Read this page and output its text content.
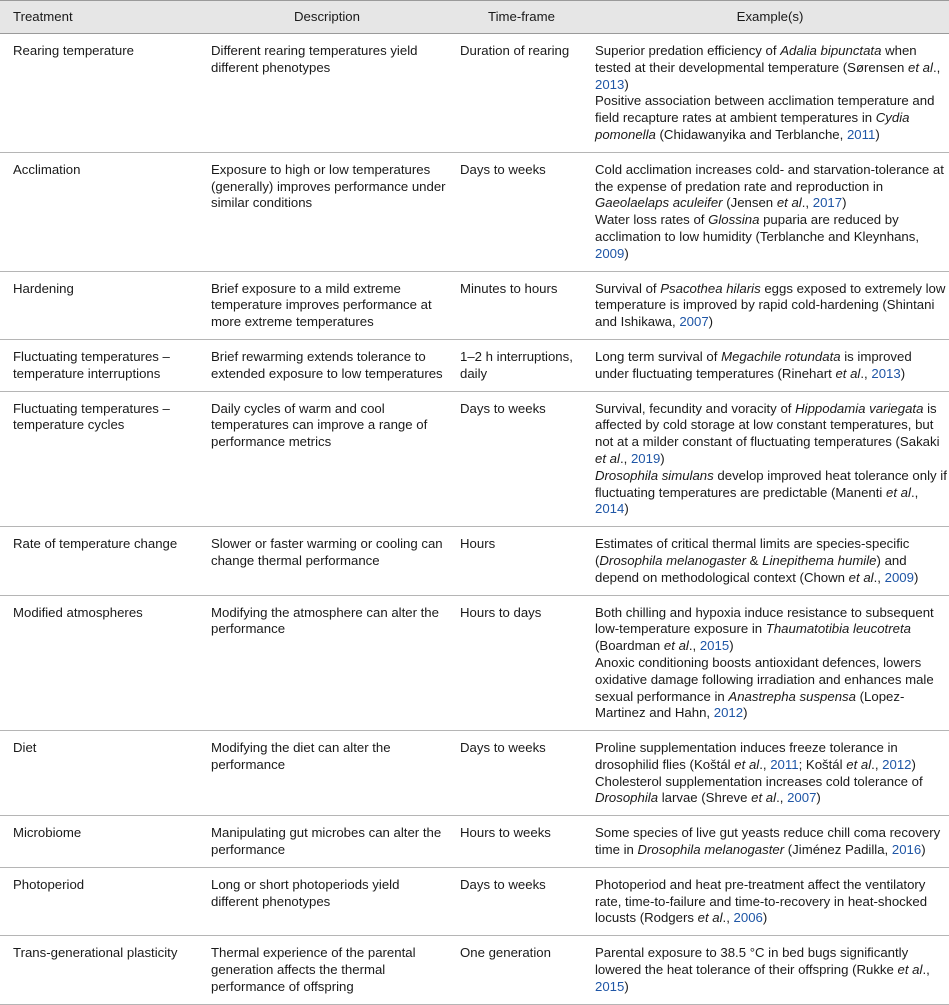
Treatment	Description	Time-frame	Example(s)
Rearing temperature	Different rearing temperatures yield different phenotypes	Duration of rearing	Superior predation efficiency of Adalia bipunctata when tested at their developmental temperature (Sørensen et al., 2013)
Positive association between acclimation temperature and field recapture rates at ambient temperatures in Cydia pomonella (Chidawanyika and Terblanche, 2011)

Acclimation	Exposure to high or low temperatures (generally) improves performance under similar conditions	Days to weeks	Cold acclimation increases cold- and starvation-tolerance at the expense of predation rate and reproduction in Gaeolaelaps aculeifer (Jensen et al., 2017)
Water loss rates of Glossina puparia are reduced by acclimation to low humidity (Terblanche and Kleynhans, 2009)

Hardening	Brief exposure to a mild extreme temperature improves performance at more extreme temperatures	Minutes to hours	Survival of Psacothea hilaris eggs exposed to extremely low temperature is improved by rapid cold-hardening (Shintani and Ishikawa, 2007)

Fluctuating temperatures – temperature interruptions	Brief rewarming extends tolerance to extended exposure to low temperatures	1–2 h interruptions, daily	Long term survival of Megachile rotundata is improved under fluctuating temperatures (Rinehart et al., 2013)

Fluctuating temperatures – temperature cycles	Daily cycles of warm and cool temperatures can improve a range of performance metrics	Days to weeks	Survival, fecundity and voracity of Hippodamia variegata is affected by cold storage at low constant temperatures, but not at a milder constant of fluctuating temperatures (Sakaki et al., 2019)
Drosophila simulans develop improved heat tolerance only if fluctuating temperatures are predictable (Manenti et al., 2014)

Rate of temperature change	Slower or faster warming or cooling can change thermal performance	Hours	Estimates of critical thermal limits are species-specific (Drosophila melanogaster & Linepithema humile) and depend on methodological context (Chown et al., 2009)

Modified atmospheres	Modifying the atmosphere can alter the performance	Hours to days	Both chilling and hypoxia induce resistance to subsequent low-temperature exposure in Thaumatotibia leucotreta (Boardman et al., 2015)
Anoxic conditioning boosts antioxidant defences, lowers oxidative damage following irradiation and enhances male sexual performance in Anastrepha suspensa (Lopez-Martinez and Hahn, 2012)

Diet	Modifying the diet can alter the performance	Days to weeks	Proline supplementation induces freeze tolerance in drosophilid flies (Koštál et al., 2011; Koštál et al., 2012)
Cholesterol supplementation increases cold tolerance of Drosophila larvae (Shreve et al., 2007)

Microbiome	Manipulating gut microbes can alter the performance	Hours to weeks	Some species of live gut yeasts reduce chill coma recovery time in Drosophila melanogaster (Jiménez Padilla, 2016)

Photoperiod	Long or short photoperiods yield different phenotypes	Days to weeks	Photoperiod and heat pre-treatment affect the ventilatory rate, time-to-failure and time-to-recovery in heat-shocked locusts (Rodgers et al., 2006)

Trans-generational plasticity	Thermal experience of the parental generation affects the thermal performance of offspring	One generation	Parental exposure to 38.5 °C in bed bugs significantly lowered the heat tolerance of their offspring (Rukke et al., 2015)
